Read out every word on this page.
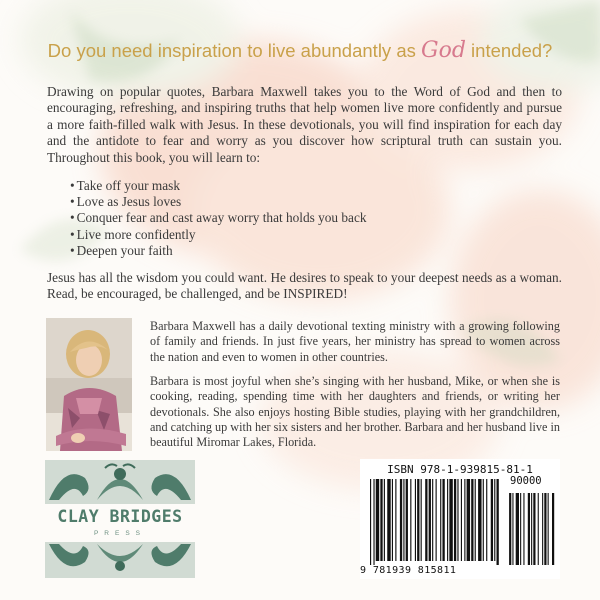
Do you need inspiration to live abundantly as God intended?

Drawing on popular quotes, Barbara Maxwell takes you to the Word of God and then to encouraging, refreshing, and inspiring truths that help women live more confidently and pursue a more faith-filled walk with Jesus. In these devotionals, you will find inspiration for each day and the antidote to fear and worry as you discover how scriptural truth can sustain you. Throughout this book, you will learn to:

• Take off your mask
• Love as Jesus loves
• Conquer fear and cast away worry that holds you back
• Live more confidently
• Deepen your faith

Jesus has all the wisdom you could want. He desires to speak to your deepest needs as a woman. Read, be encouraged, be challenged, and be INSPIRED!

Barbara Maxwell has a daily devotional texting ministry with a growing following of family and friends. In just five years, her ministry has spread to women across the nation and even to women in other countries.

Barbara is most joyful when she’s singing with her husband, Mike, or when she is cooking, reading, spending time with her daughters and friends, or writing her devotionals. She also enjoys hosting Bible studies, playing with her grandchildren, and catching up with her six sisters and her brother. Barbara and her husband live in beautiful Miromar Lakes, Florida.

CLAY BRIDGES
PRESS
ISBN 978-1-939815-81-1
90000
9 781939 815811
